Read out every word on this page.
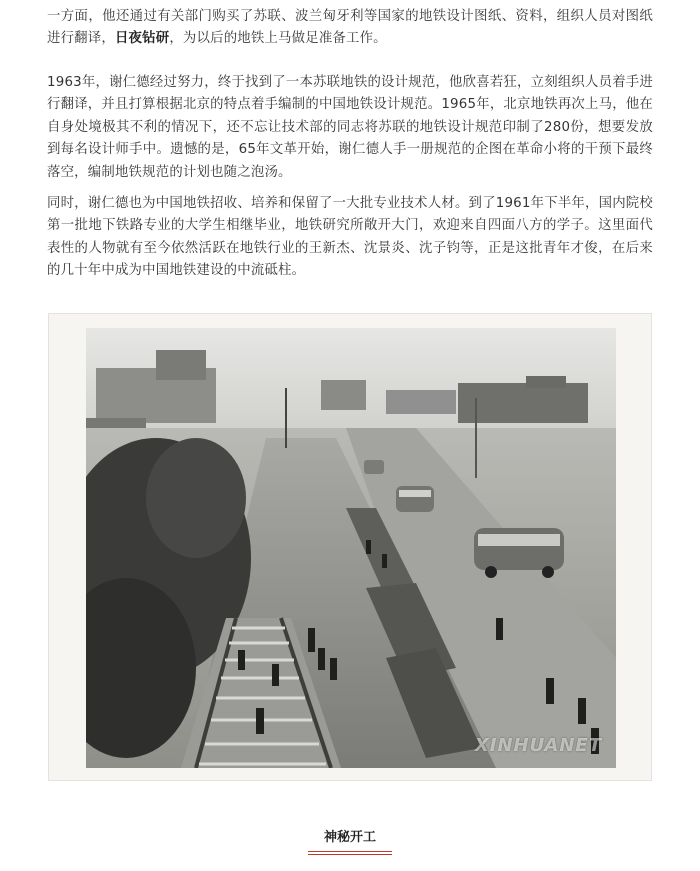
一方面，他还通过有关部门购买了苏联、波兰匈牙利等国家的地铁设计图纸、资料，组织人员对图纸进行翻译，日夜钻研，为以后的地铁上马做足准备工作。

1963年，谢仁德经过努力，终于找到了一本苏联地铁的设计规范，他欣喜若狂，立刻组织人员着手进行翻译，并且打算根据北京的特点着手编制的中国地铁设计规范。1965年，北京地铁再次上马，他在自身处境极其不利的情况下，还不忘让技术部的同志将苏联的地铁设计规范印制了280份，想要发放到每名设计师手中。遗憾的是，65年文革开始，谢仁德人手一册规范的企图在革命小将的干预下最终落空，编制地铁规范的计划也随之泡汤。

同时，谢仁德也为中国地铁招收、培养和保留了一大批专业技术人材。到了1961年下半年，国内院校第一批地下铁路专业的大学生相继毕业，地铁研究所敞开大门，欢迎来自四面八方的学子。这里面代表性的人物就有至今依然活跃在地铁行业的王新杰、沈景炎、沈子钧等，正是这批青年才俊，在后来的几十年中成为中国地铁建设的中流砥柱。

XINHUANET
神秘开工
